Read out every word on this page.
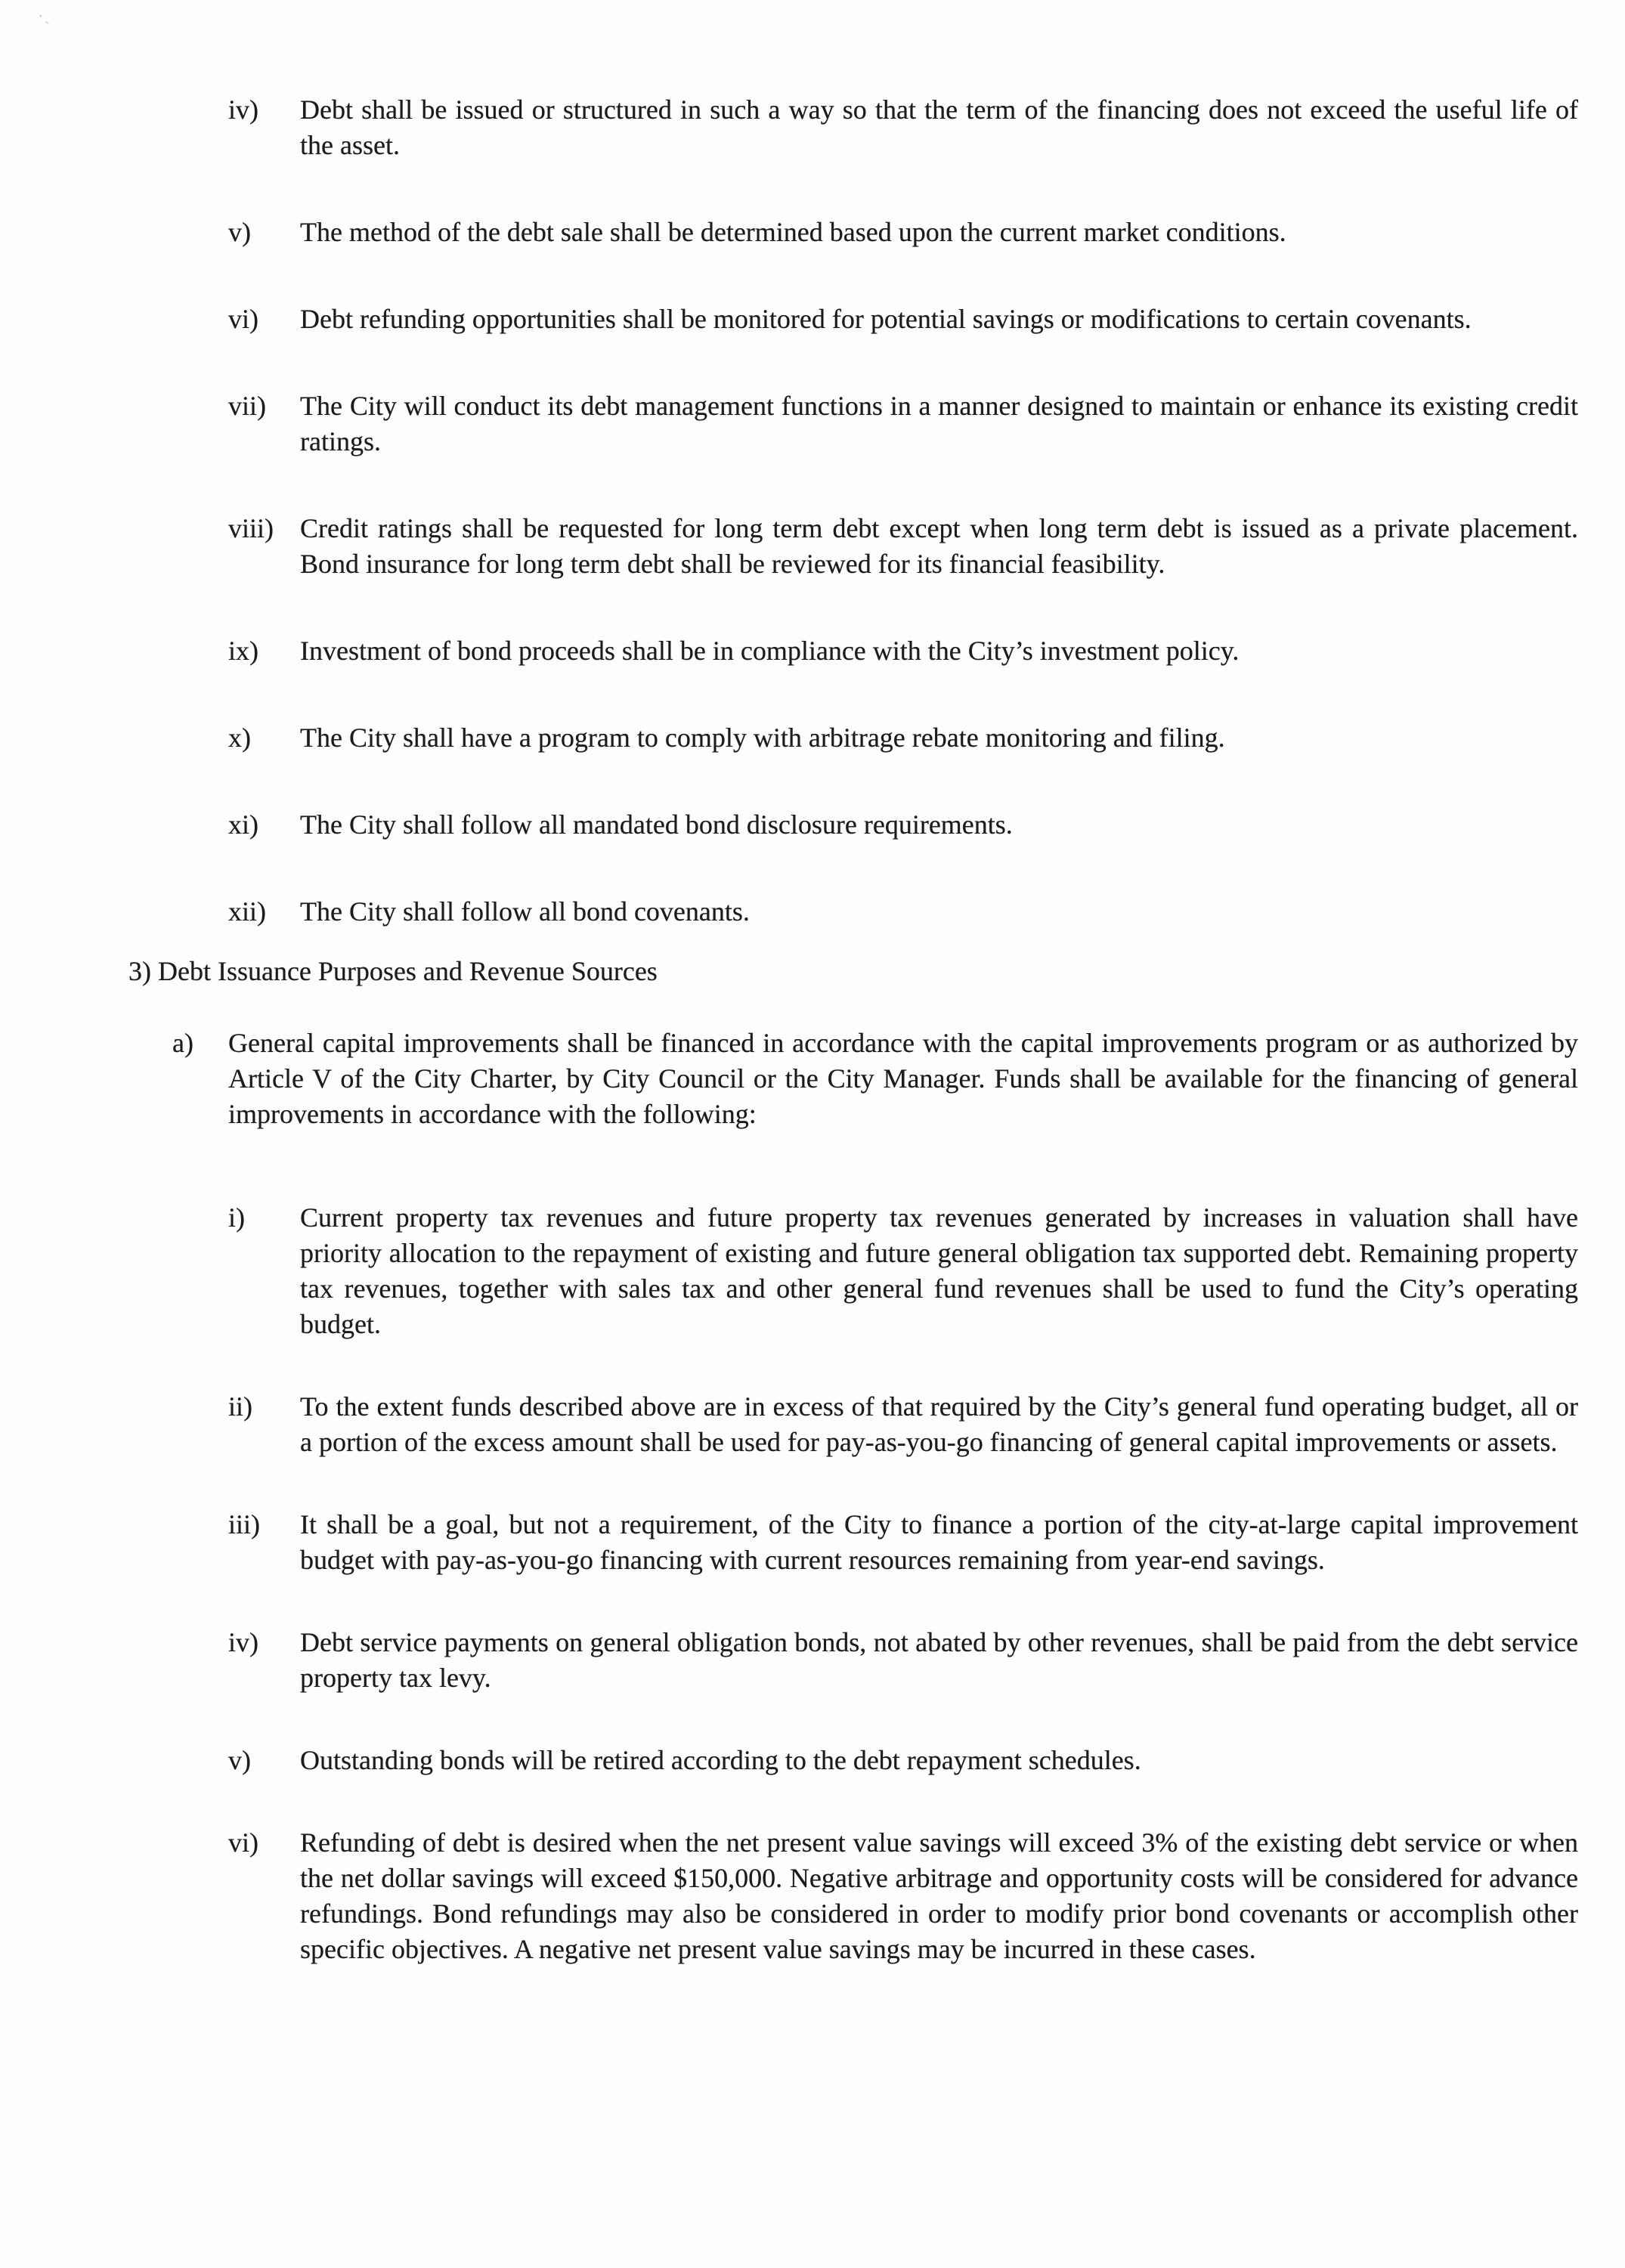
·ˎ
iv)	Debt shall be issued or structured in such a way so that the term of the financing does not exceed the useful life of the asset.
v)	The method of the debt sale shall be determined based upon the current market conditions.
vi)	Debt refunding opportunities shall be monitored for potential savings or modifications to certain covenants.
vii)	The City will conduct its debt management functions in a manner designed to maintain or enhance its existing credit ratings.
viii) Credit ratings shall be requested for long term debt except when long term debt is issued as a private placement. Bond insurance for long term debt shall be reviewed for its financial feasibility.
ix)	Investment of bond proceeds shall be in compliance with the City’s investment policy.
x)	The City shall have a program to comply with arbitrage rebate monitoring and filing.
xi)	The City shall follow all mandated bond disclosure requirements.
xii)	The City shall follow all bond covenants.
3) Debt Issuance Purposes and Revenue Sources
a)	General capital improvements shall be financed in accordance with the capital improvements program or as authorized by Article V of the City Charter, by City Council or the City Manager. Funds shall be available for the financing of general improvements in accordance with the following:
i)	Current property tax revenues and future property tax revenues generated by increases in valuation shall have priority allocation to the repayment of existing and future general obligation tax supported debt. Remaining property tax revenues, together with sales tax and other general fund revenues shall be used to fund the City’s operating budget.
ii)	To the extent funds described above are in excess of that required by the City’s general fund operating budget, all or a portion of the excess amount shall be used for pay-as-you-go financing of general capital improvements or assets.
iii)	It shall be a goal, but not a requirement, of the City to finance a portion of the city-at-large capital improvement budget with pay-as-you-go financing with current resources remaining from year-end savings.
iv)	Debt service payments on general obligation bonds, not abated by other revenues, shall be paid from the debt service property tax levy.
v)	Outstanding bonds will be retired according to the debt repayment schedules.
vi)	Refunding of debt is desired when the net present value savings will exceed 3% of the existing debt service or when the net dollar savings will exceed $150,000. Negative arbitrage and opportunity costs will be considered for advance refundings. Bond refundings may also be considered in order to modify prior bond covenants or accomplish other specific objectives. A negative net present value savings may be incurred in these cases.
